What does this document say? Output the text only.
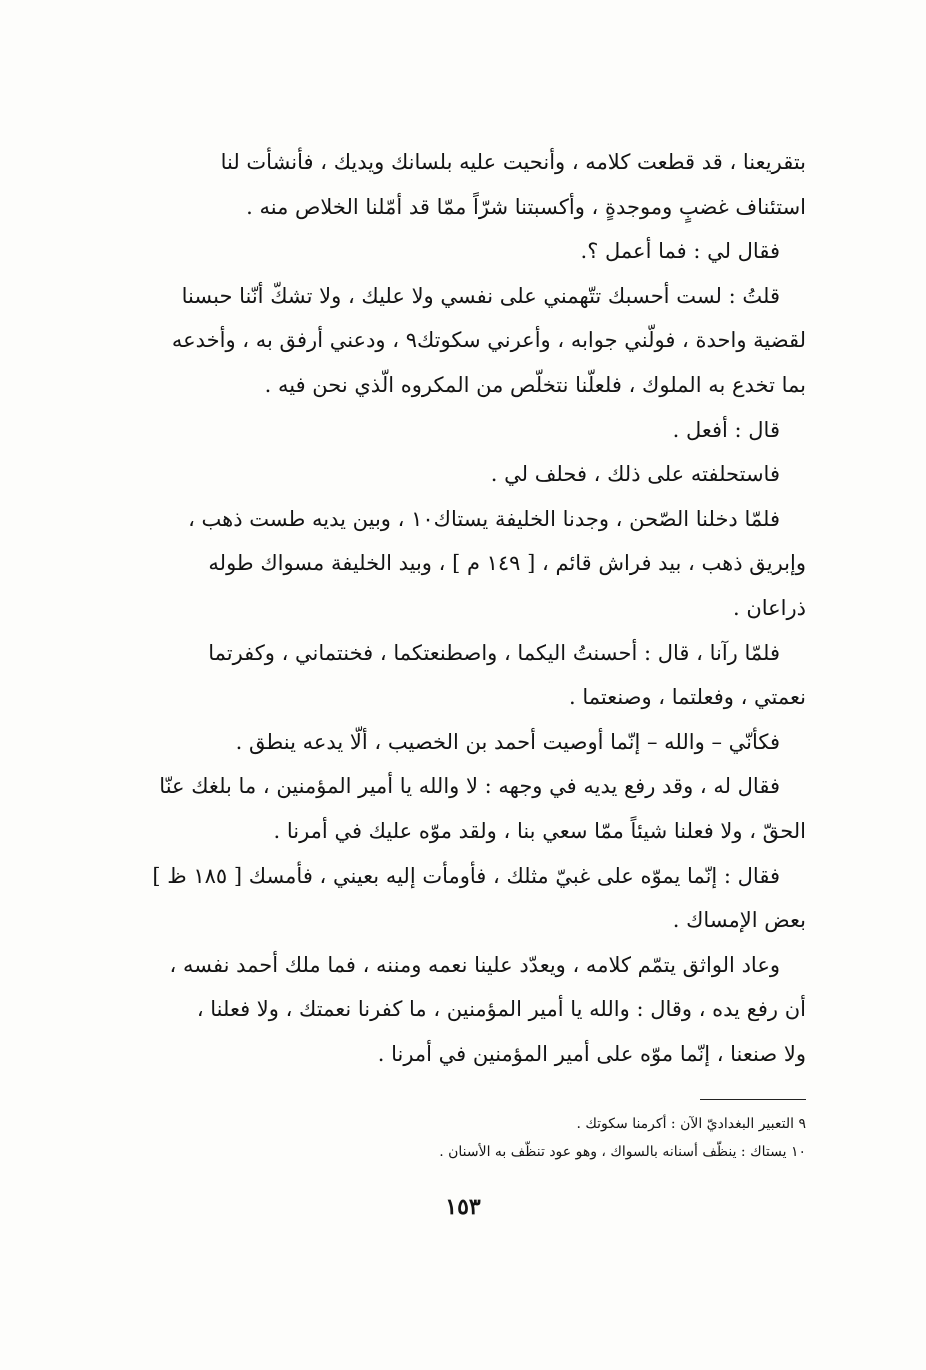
بتقريعنا ، قد قطعت كلامه ، وأنحيت عليه بلسانك ويديك ، فأنشأت لنا
استئناف غضبٍ وموجدةٍ ، وأكسبتنا شرّاً ممّا قد أمّلنا الخلاص منه .
فقال لي : فما أعمل ؟.
قلتُ : لست أحسبك تتّهمني على نفسي ولا عليك ، ولا تشكّ أنّنا حبسنا
لقضية واحدة ، فولّني جوابه ، وأعرني سكوتك٩ ، ودعني أرفق به ، وأخدعه
بما تخدع به الملوك ، فلعلّنا نتخلّص من المكروه الّذي نحن فيه .
قال : أفعل .
فاستحلفته على ذلك ، فحلف لي .
فلمّا دخلنا الصّحن ، وجدنا الخليفة يستاك١٠ ، وبين يديه طست ذهب ،
وإبريق ذهب ، بيد فراش قائم ، [ ١٤٩ م ] ، وبيد الخليفة مسواك طوله
ذراعان .
فلمّا رآنا ، قال : أحسنتُ اليكما ، واصطنعتكما ، فخنتماني ، وكفرتما
نعمتي ، وفعلتما ، وصنعتما .
فكأنّي – والله – إنّما أوصيت أحمد بن الخصيب ، ألّا يدعه ينطق .
فقال له ، وقد رفع يديه في وجهه : لا والله يا أمير المؤمنين ، ما بلغك عنّا
الحقّ ، ولا فعلنا شيئاً ممّا سعي بنا ، ولقد موّه عليك في أمرنا .
فقال : إنّما يموّه على غبيّ مثلك ، فأومأت إليه بعيني ، فأمسك [ ١٨٥ ظ ]
بعض الإمساك .
وعاد الواثق يتمّم كلامه ، ويعدّد علينا نعمه ومننه ، فما ملك أحمد نفسه ،
أن رفع يده ، وقال : والله يا أمير المؤمنين ، ما كفرنا نعمتك ، ولا فعلنا ،
ولا صنعنا ، إنّما موّه على أمير المؤمنين في أمرنا .
٩ التعبير البغداديّ الآن : أكرمنا سكوتك .
١٠ يستاك : ينظّف أسنانه بالسواك ، وهو عود تنظّف به الأسنان .
١٥٣
